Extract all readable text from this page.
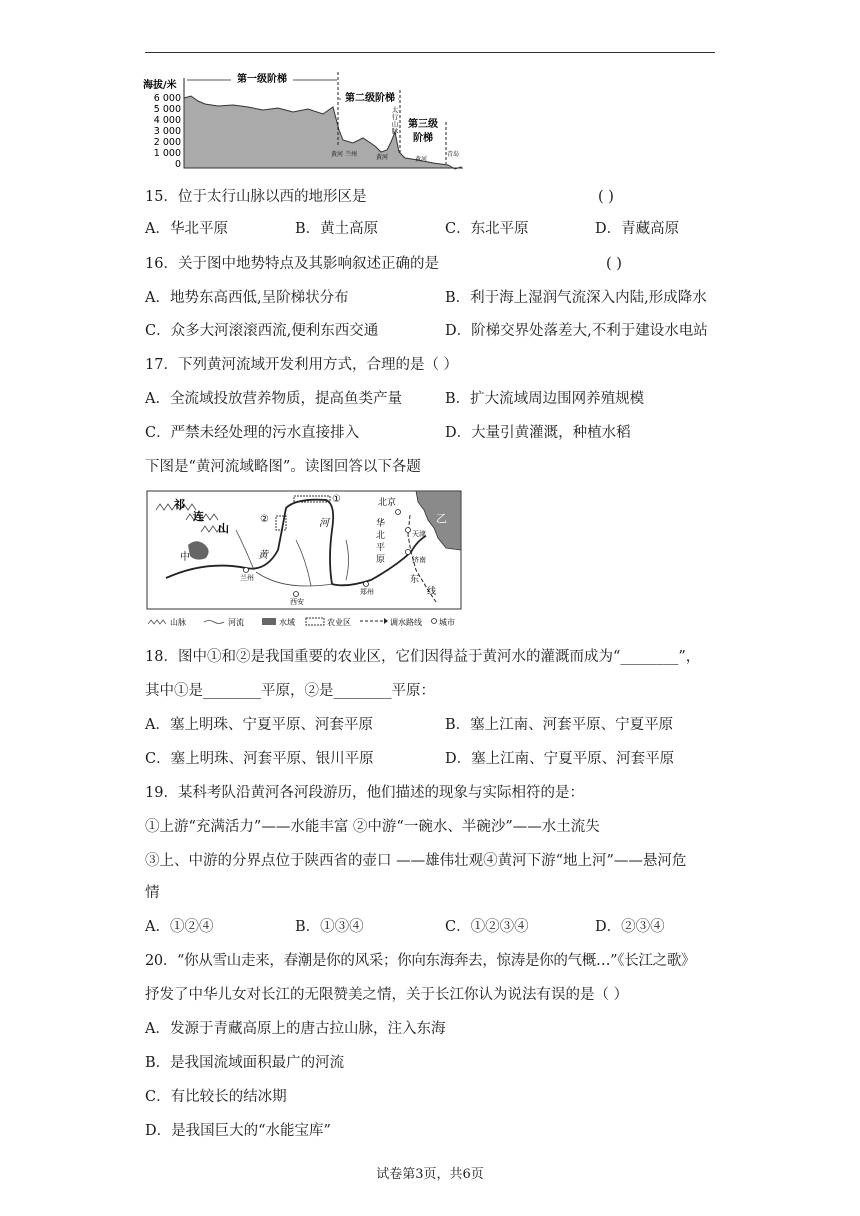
海拔/米
6 000
5 000
4 000
3 000
2 000
1 000
0
第一级阶梯
第二级阶梯
第三级
阶梯
太
行
山
脉
黄河 兰州	黄河	黄河
青岛
15．位于太行山脉以西的地形区是	( )
A．华北平原	B．黄土高原	C．东北平原	D．青藏高原
16．关于图中地势特点及其影响叙述正确的是	( )
A．地势东高西低,呈阶梯状分布	B．利于海上湿润气流深入内陆,形成降水
C．众多大河滚滚西流,便利东西交通	D．阶梯交界处落差大,不利于建设水电站
17．下列黄河流域开发利用方式，合理的是（ ）
A．全流域投放营养物质，提高鱼类产量	B．扩大流域周边围网养殖规模
C．严禁未经处理的污水直接排入	D．大量引黄灌溉，种植水稻
下图是“黄河流域略图”。读图回答以下各题
祁
连
山
中
②
①
河
黄
北京
天津
华
北
平
原	济南
乙
兰州
西安
郑州
东
线
山脉	河流	水域	农业区	调水路线 城市
18．图中①和②是我国重要的农业区，它们因得益于黄河水的灌溉而成为“________”，
其中①是________平原，②是________平原：
A．塞上明珠、宁夏平原、河套平原	B．塞上江南、河套平原、宁夏平原
C．塞上明珠、河套平原、银川平原	D．塞上江南、宁夏平原、河套平原
19．某科考队沿黄河各河段游历，他们描述的现象与实际相符的是：
①上游“充满活力”——水能丰富 ②中游“一碗水、半碗沙”——水土流失
③上、中游的分界点位于陕西省的壶口 ——雄伟壮观④黄河下游“地上河”——悬河危
情
A．①②④	B．①③④	C．①②③④	D．②③④
20．“你从雪山走来，春潮是你的风采；你向东海奔去，惊涛是你的气概…”《长江之歌》
抒发了中华儿女对长江的无限赞美之情，关于长江你认为说法有误的是（ ）
A．发源于青藏高原上的唐古拉山脉，注入东海
B．是我国流域面积最广的河流
C．有比较长的结冰期
D．是我国巨大的“水能宝库”
试卷第3页，共6页
